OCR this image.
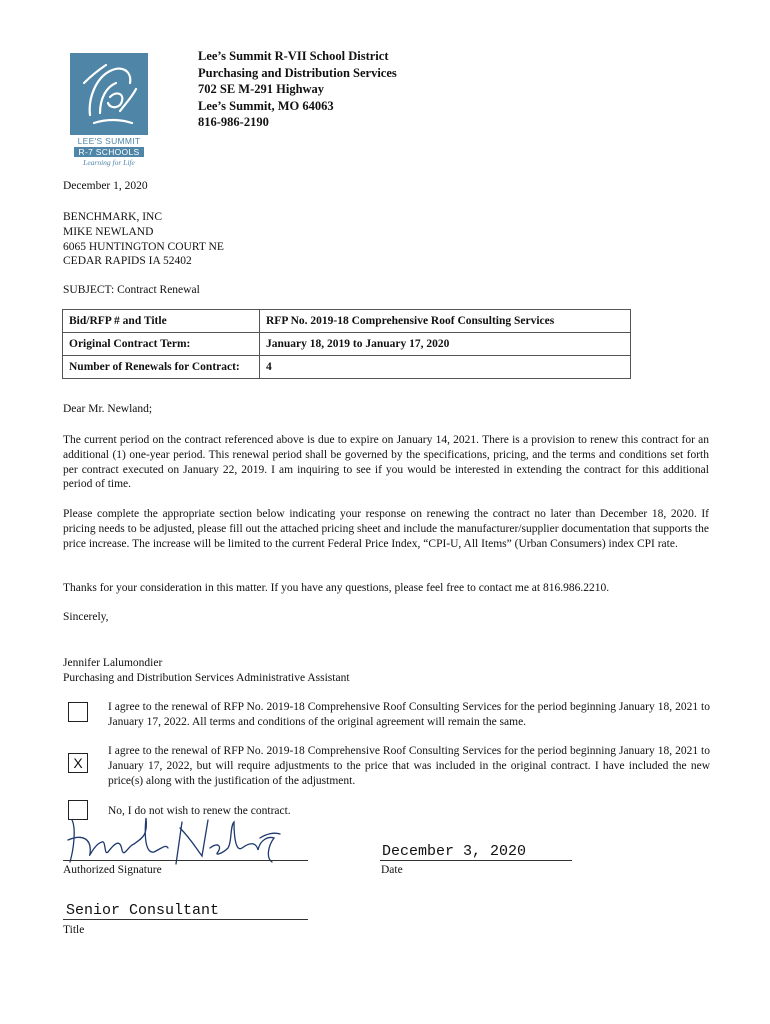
LEE'S SUMMIT
R-7 SCHOOLS
Learning for Life
Lee’s Summit R-VII School District
Purchasing and Distribution Services
702 SE M-291 Highway
Lee’s Summit, MO 64063
816-986-2190
December 1, 2020
BENCHMARK, INC
MIKE NEWLAND
6065 HUNTINGTON COURT NE
CEDAR RAPIDS IA 52402
SUBJECT: Contract Renewal
Bid/RFP # and Title	RFP No. 2019-18 Comprehensive Roof Consulting Services
Original Contract Term:	January 18, 2019 to January 17, 2020
Number of Renewals for Contract:	4
Dear Mr. Newland;
The current period on the contract referenced above is due to expire on January 14, 2021. There is a provision to renew this contract for an additional (1) one-year period. This renewal period shall be governed by the specifications, pricing, and the terms and conditions set forth per contract executed on January 22, 2019. I am inquiring to see if you would be interested in extending the contract for this additional period of time.
Please complete the appropriate section below indicating your response on renewing the contract no later than December 18, 2020. If pricing needs to be adjusted, please fill out the attached pricing sheet and include the manufacturer/supplier documentation that supports the price increase. The increase will be limited to the current Federal Price Index, “CPI-U, All Items” (Urban Consumers) index CPI rate.
Thanks for your consideration in this matter. If you have any questions, please feel free to contact me at 816.986.2210.
Sincerely,
Jennifer Lalumondier
Purchasing and Distribution Services Administrative Assistant
I agree to the renewal of RFP No. 2019-18 Comprehensive Roof Consulting Services for the period beginning January 18, 2021 to January 17, 2022. All terms and conditions of the original agreement will remain the same.
X
I agree to the renewal of RFP No. 2019-18 Comprehensive Roof Consulting Services for the period beginning January 18, 2021 to January 17, 2022, but will require adjustments to the price that was included in the original contract. I have included the new price(s) along with the justification of the adjustment.
No, I do not wish to renew the contract.
Authorized Signature
December 3, 2020
Date
Senior Consultant
Title
